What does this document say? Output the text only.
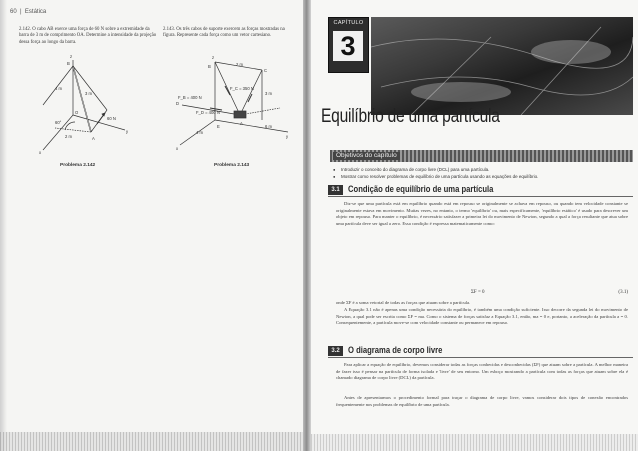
60  |  Estática
2.142. O cabo AB exerce uma força de 60 N sobre a extremidade da barra de 3 m de comprimento OA. Determine a intensidade da projeção dessa força ao longo da barra.
2.143. Os três cabos de suporte exercem as forças mostradas na figura. Represente cada força como um vetor cartesiano.
z
B
O
A
x
y
60 N
4 m
3 m
2 m
60°
Problema 2.142
z
B
C
D
A
E
x
y
F_C = 350 N
F_B = 400 N
F_D = 400 N
2 m
3 m
6 m
4 m
Problema 2.143
CAPÍTULO
3
Equilíbrio de uma partícula
Objetivos do capítulo
● Introduzir o conceito do diagrama de corpo livre (DCL) para uma partícula.
● Mostrar como resolver problemas de equilíbrio de uma partícula usando as equações de equilíbrio.
3.1 Condição de equilíbrio de uma partícula
Diz-se que uma partícula está em equilíbrio quando está em repouso se originalmente se achava em repouso, ou quando tem velocidade constante se originalmente estava em movimento. Muitas vezes, no entanto, o termo 'equilíbrio' ou, mais especificamente, 'equilíbrio estático' é usado para descrever um objeto em repouso. Para manter o equilíbrio, é necessário satisfazer a primeira lei do movimento de Newton, segundo a qual a força resultante que atua sobre uma partícula deve ser igual a zero. Essa condição é expressa matematicamente como:
ΣF = 0	(3.1)
onde ΣF é a soma vetorial de todas as forças que atuam sobre a partícula.
A Equação 3.1 não é apenas uma condição necessária do equilíbrio, é também uma condição suficiente. Isso decorre da segunda lei do movimento de Newton, a qual pode ser escrita como ΣF = ma. Como o sistema de forças satisfaz a Equação 3.1, então, ma = 0 e, portanto, a aceleração da partícula a = 0. Consequentemente, a partícula move-se com velocidade constante ou permanece em repouso.
3.2 O diagrama de corpo livre
Para aplicar a equação de equilíbrio, devemos considerar todas as forças conhecidas e desconhecidas (ΣF) que atuam sobre a partícula. A melhor maneira de fazer isso é pensar na partícula de forma isolada e 'livre' de seu entorno. Um esboço mostrando a partícula com todas as forças que atuam sobre ela é chamado diagrama de corpo livre (DCL) da partícula.
Antes de apresentarmos o procedimento formal para traçar o diagrama de corpo livre, vamos considerar dois tipos de conexão encontrados frequentemente nos problemas de equilíbrio de uma partícula.
